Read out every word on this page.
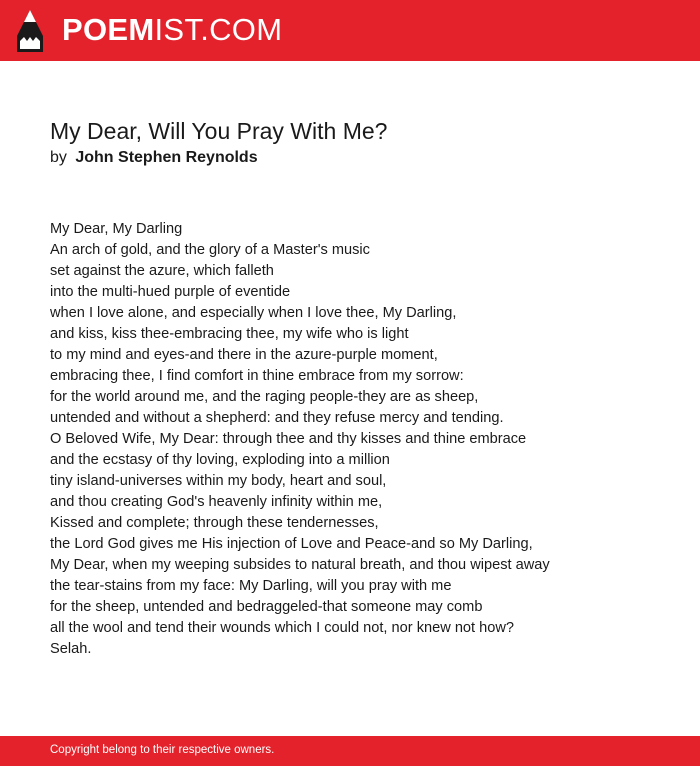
POEMIST.COM
My Dear, Will You Pray With Me?
by John Stephen Reynolds
My Dear, My Darling
An arch of gold, and the glory of a Master's music
set against the azure, which falleth
into the multi-hued purple of eventide
when I love alone, and especially when I love thee, My Darling,
and kiss, kiss thee-embracing thee, my wife who is light
to my mind and eyes-and there in the azure-purple moment,
embracing thee, I find comfort in thine embrace from my sorrow:
for the world around me, and the raging people-they are as sheep,
untended and without a shepherd: and they refuse mercy and tending.
O Beloved Wife, My Dear: through thee and thy kisses and thine embrace
and the ecstasy of thy loving, exploding into a million
tiny island-universes within my body, heart and soul,
and thou creating God's heavenly infinity within me,
Kissed and complete; through these tendernesses,
the Lord God gives me His injection of Love and Peace-and so My Darling,
My Dear, when my weeping subsides to natural breath, and thou wipest away
the tear-stains from my face: My Darling, will you pray with me
for the sheep, untended and bedraggeled-that someone may comb
all the wool and tend their wounds which I could not, nor knew not how?
Selah.
Copyright belong to their respective owners.
